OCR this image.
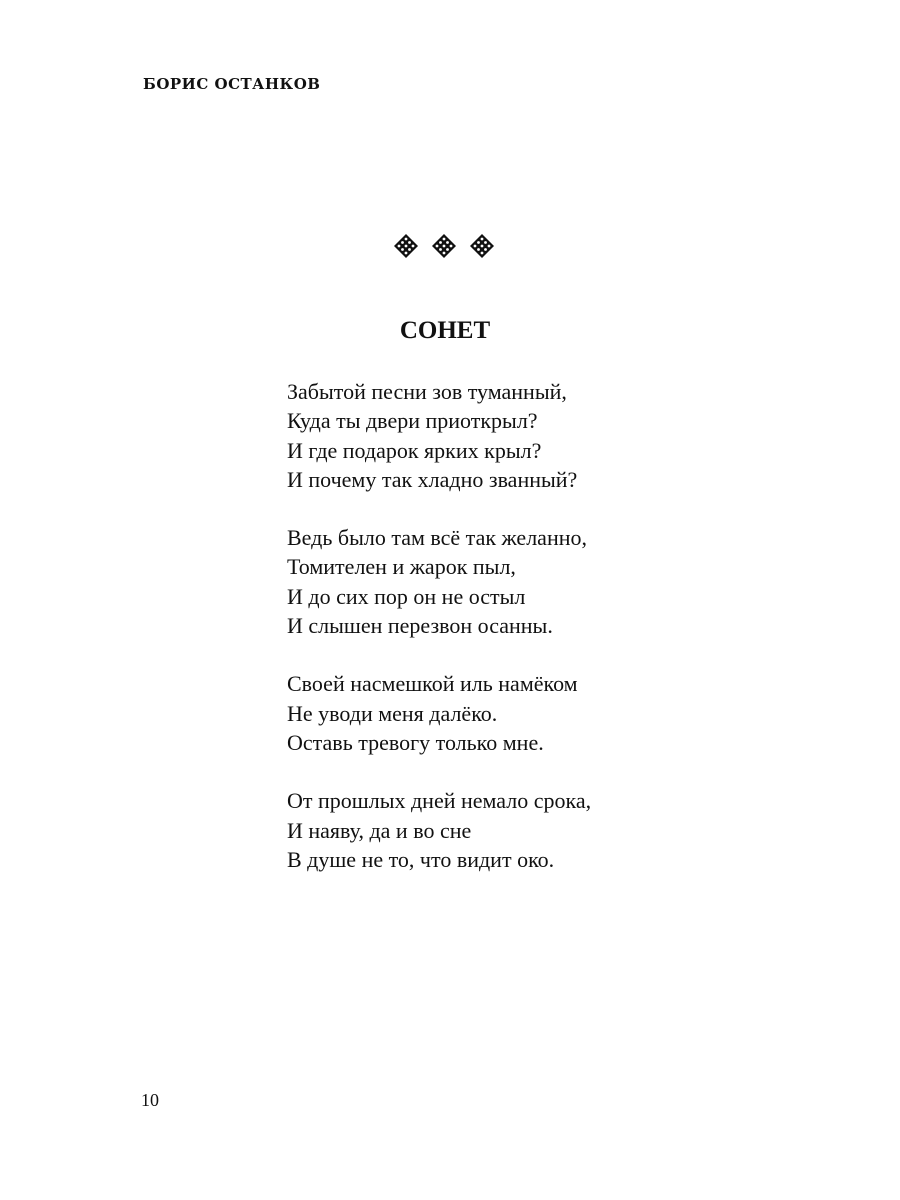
БОРИС ОСТАНКОВ
СОНЕТ
Забытой песни зов туманный,
Куда ты двери приоткрыл?
И где подарок ярких крыл?
И почему так хладно званный?
Ведь было там всё так желанно,
Томителен и жарок пыл,
И до сих пор он не остыл
И слышен перезвон осанны.
Своей насмешкой иль намёком
Не уводи меня далёко.
Оставь тревогу только мне.
От прошлых дней немало срока,
И наяву, да и во сне
В душе не то, что видит око.
10
